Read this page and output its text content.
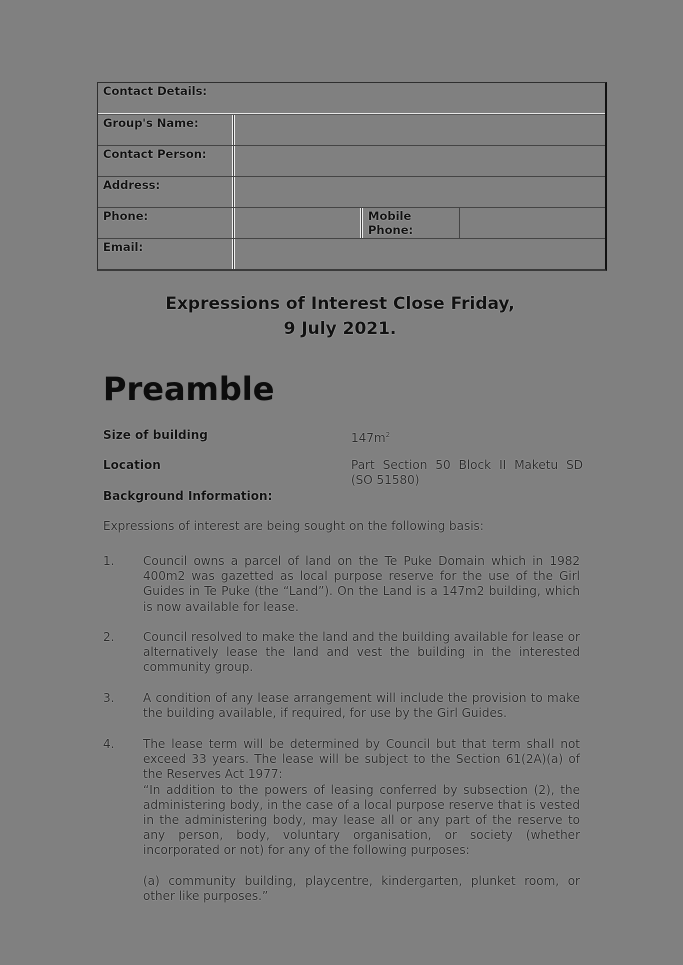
Contact Details:
Group's Name:
Contact Person:
Address:
Phone:	Mobile Phone:
Email:
Expressions of Interest Close Friday,
9 July 2021.
Preamble
Size of building	$147m^2$
Location	Part Section 50 Block II Maketu SD (SO 51580)
Background Information:
Expressions of interest are being sought on the following basis:
1.	Council owns a parcel of land on the Te Puke Domain which in 1982 400m2 was gazetted as local purpose reserve for the use of the Girl Guides in Te Puke (the “Land”). On the Land is a 147m2 building, which is now available for lease.

2.	Council resolved to make the land and the building available for lease or alternatively lease the land and vest the building in the interested community group.

3.	A condition of any lease arrangement will include the provision to make the building available, if required, for use by the Girl Guides.

4.	The lease term will be determined by Council but that term shall not exceed 33 years. The lease will be subject to the Section 61(2A)(a) of the Reserves Act 1977:

“In addition to the powers of leasing conferred by subsection (2), the administering body, in the case of a local purpose reserve that is vested in the administering body, may lease all or any part of the reserve to any person, body, voluntary organisation, or society (whether incorporated or not) for any of the following purposes:

(a) community building, playcentre, kindergarten, plunket room, or other like purposes.”
